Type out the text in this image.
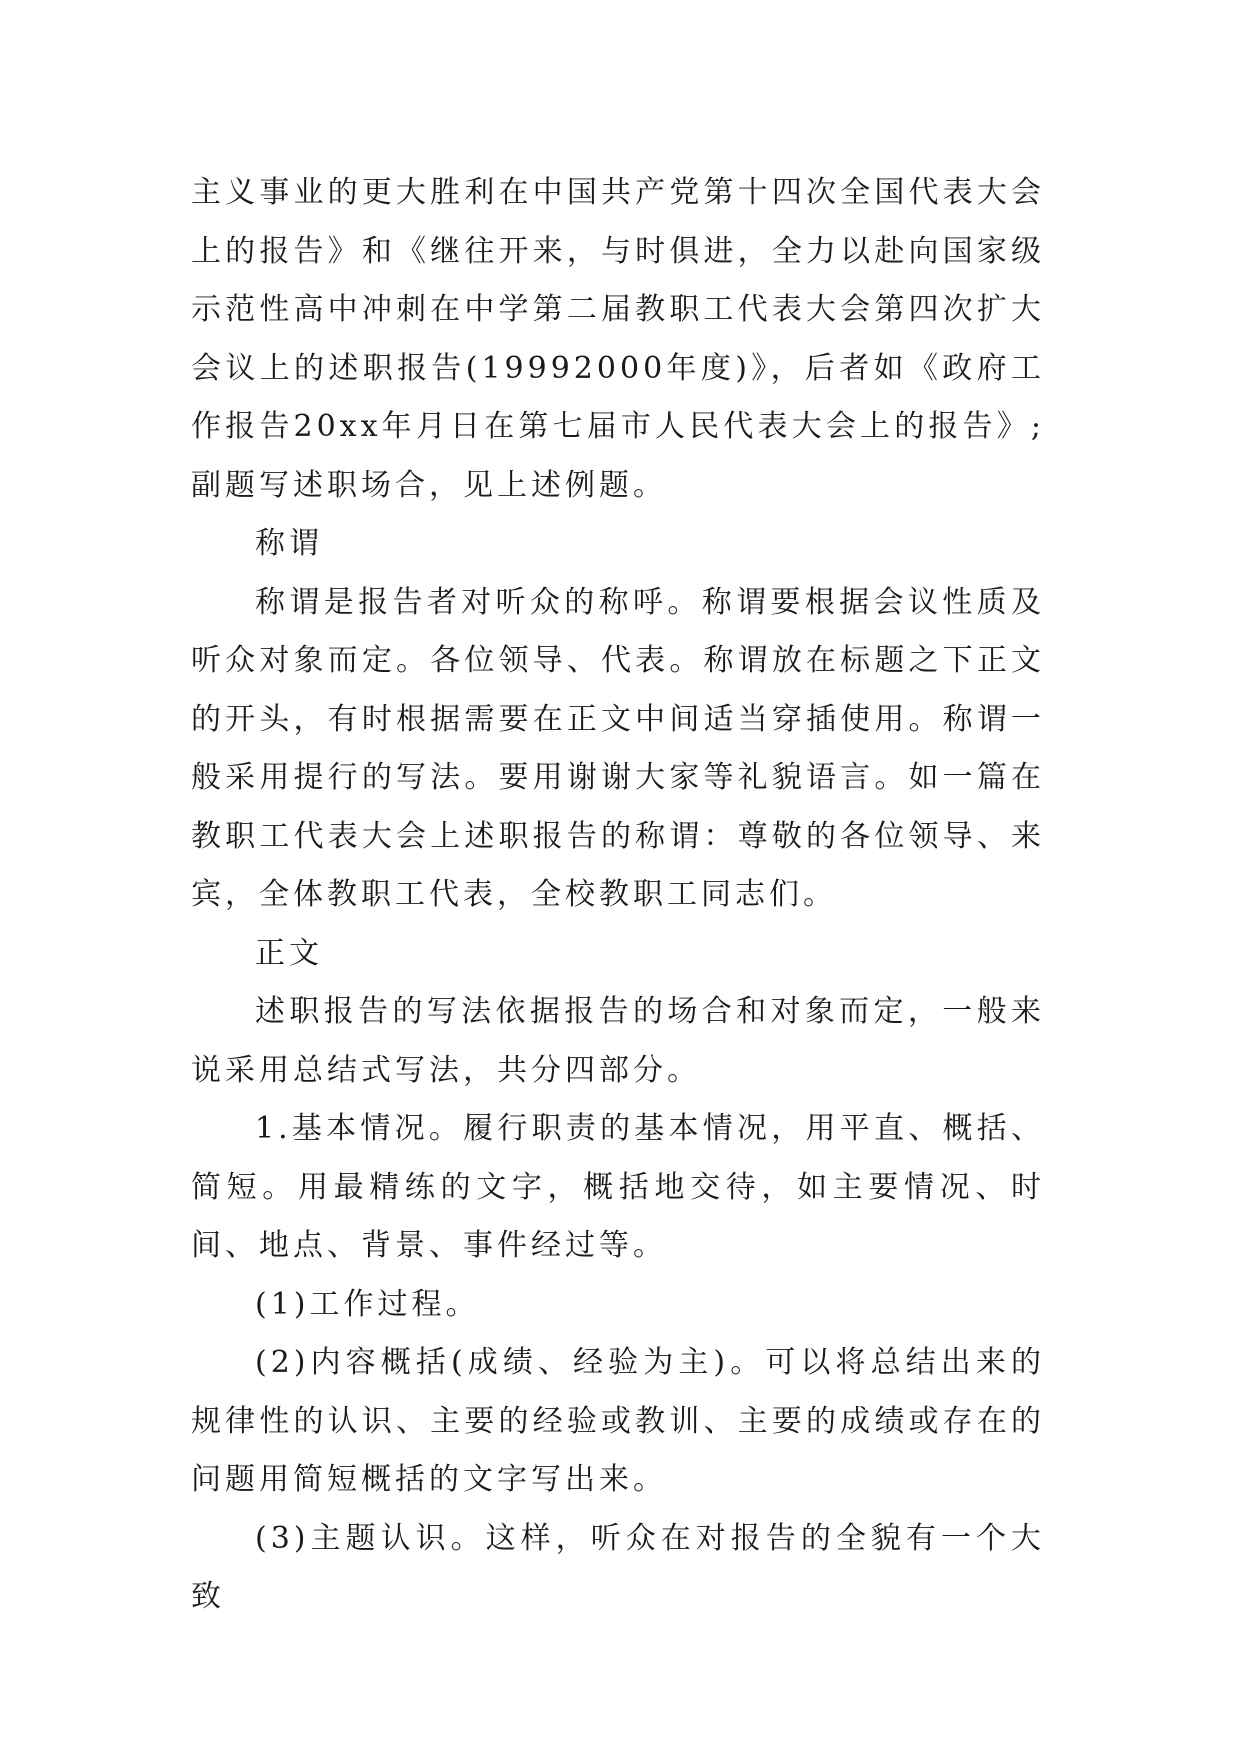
主义事业的更大胜利在中国共产党第十四次全国代表大会上的报告》和《继往开来，与时俱进，全力以赴向国家级示范性高中冲刺在中学第二届教职工代表大会第四次扩大会议上的述职报告(19992000年度)》，后者如《政府工作报告20xx年月日在第七届市人民代表大会上的报告》;副题写述职场合，见上述例题。

称谓

称谓是报告者对听众的称呼。称谓要根据会议性质及听众对象而定。各位领导、代表。称谓放在标题之下正文的开头，有时根据需要在正文中间适当穿插使用。称谓一般采用提行的写法。要用谢谢大家等礼貌语言。如一篇在教职工代表大会上述职报告的称谓：尊敬的各位领导、来宾，全体教职工代表，全校教职工同志们。

正文

述职报告的写法依据报告的场合和对象而定，一般来说采用总结式写法，共分四部分。

1.基本情况。履行职责的基本情况，用平直、概括、简短。用最精练的文字，概括地交待，如主要情况、时间、地点、背景、事件经过等。

(1)工作过程。

(2)内容概括(成绩、经验为主)。可以将总结出来的规律性的认识、主要的经验或教训、主要的成绩或存在的问题用简短概括的文字写出来。

(3)主题认识。这样，听众在对报告的全貌有一个大致
